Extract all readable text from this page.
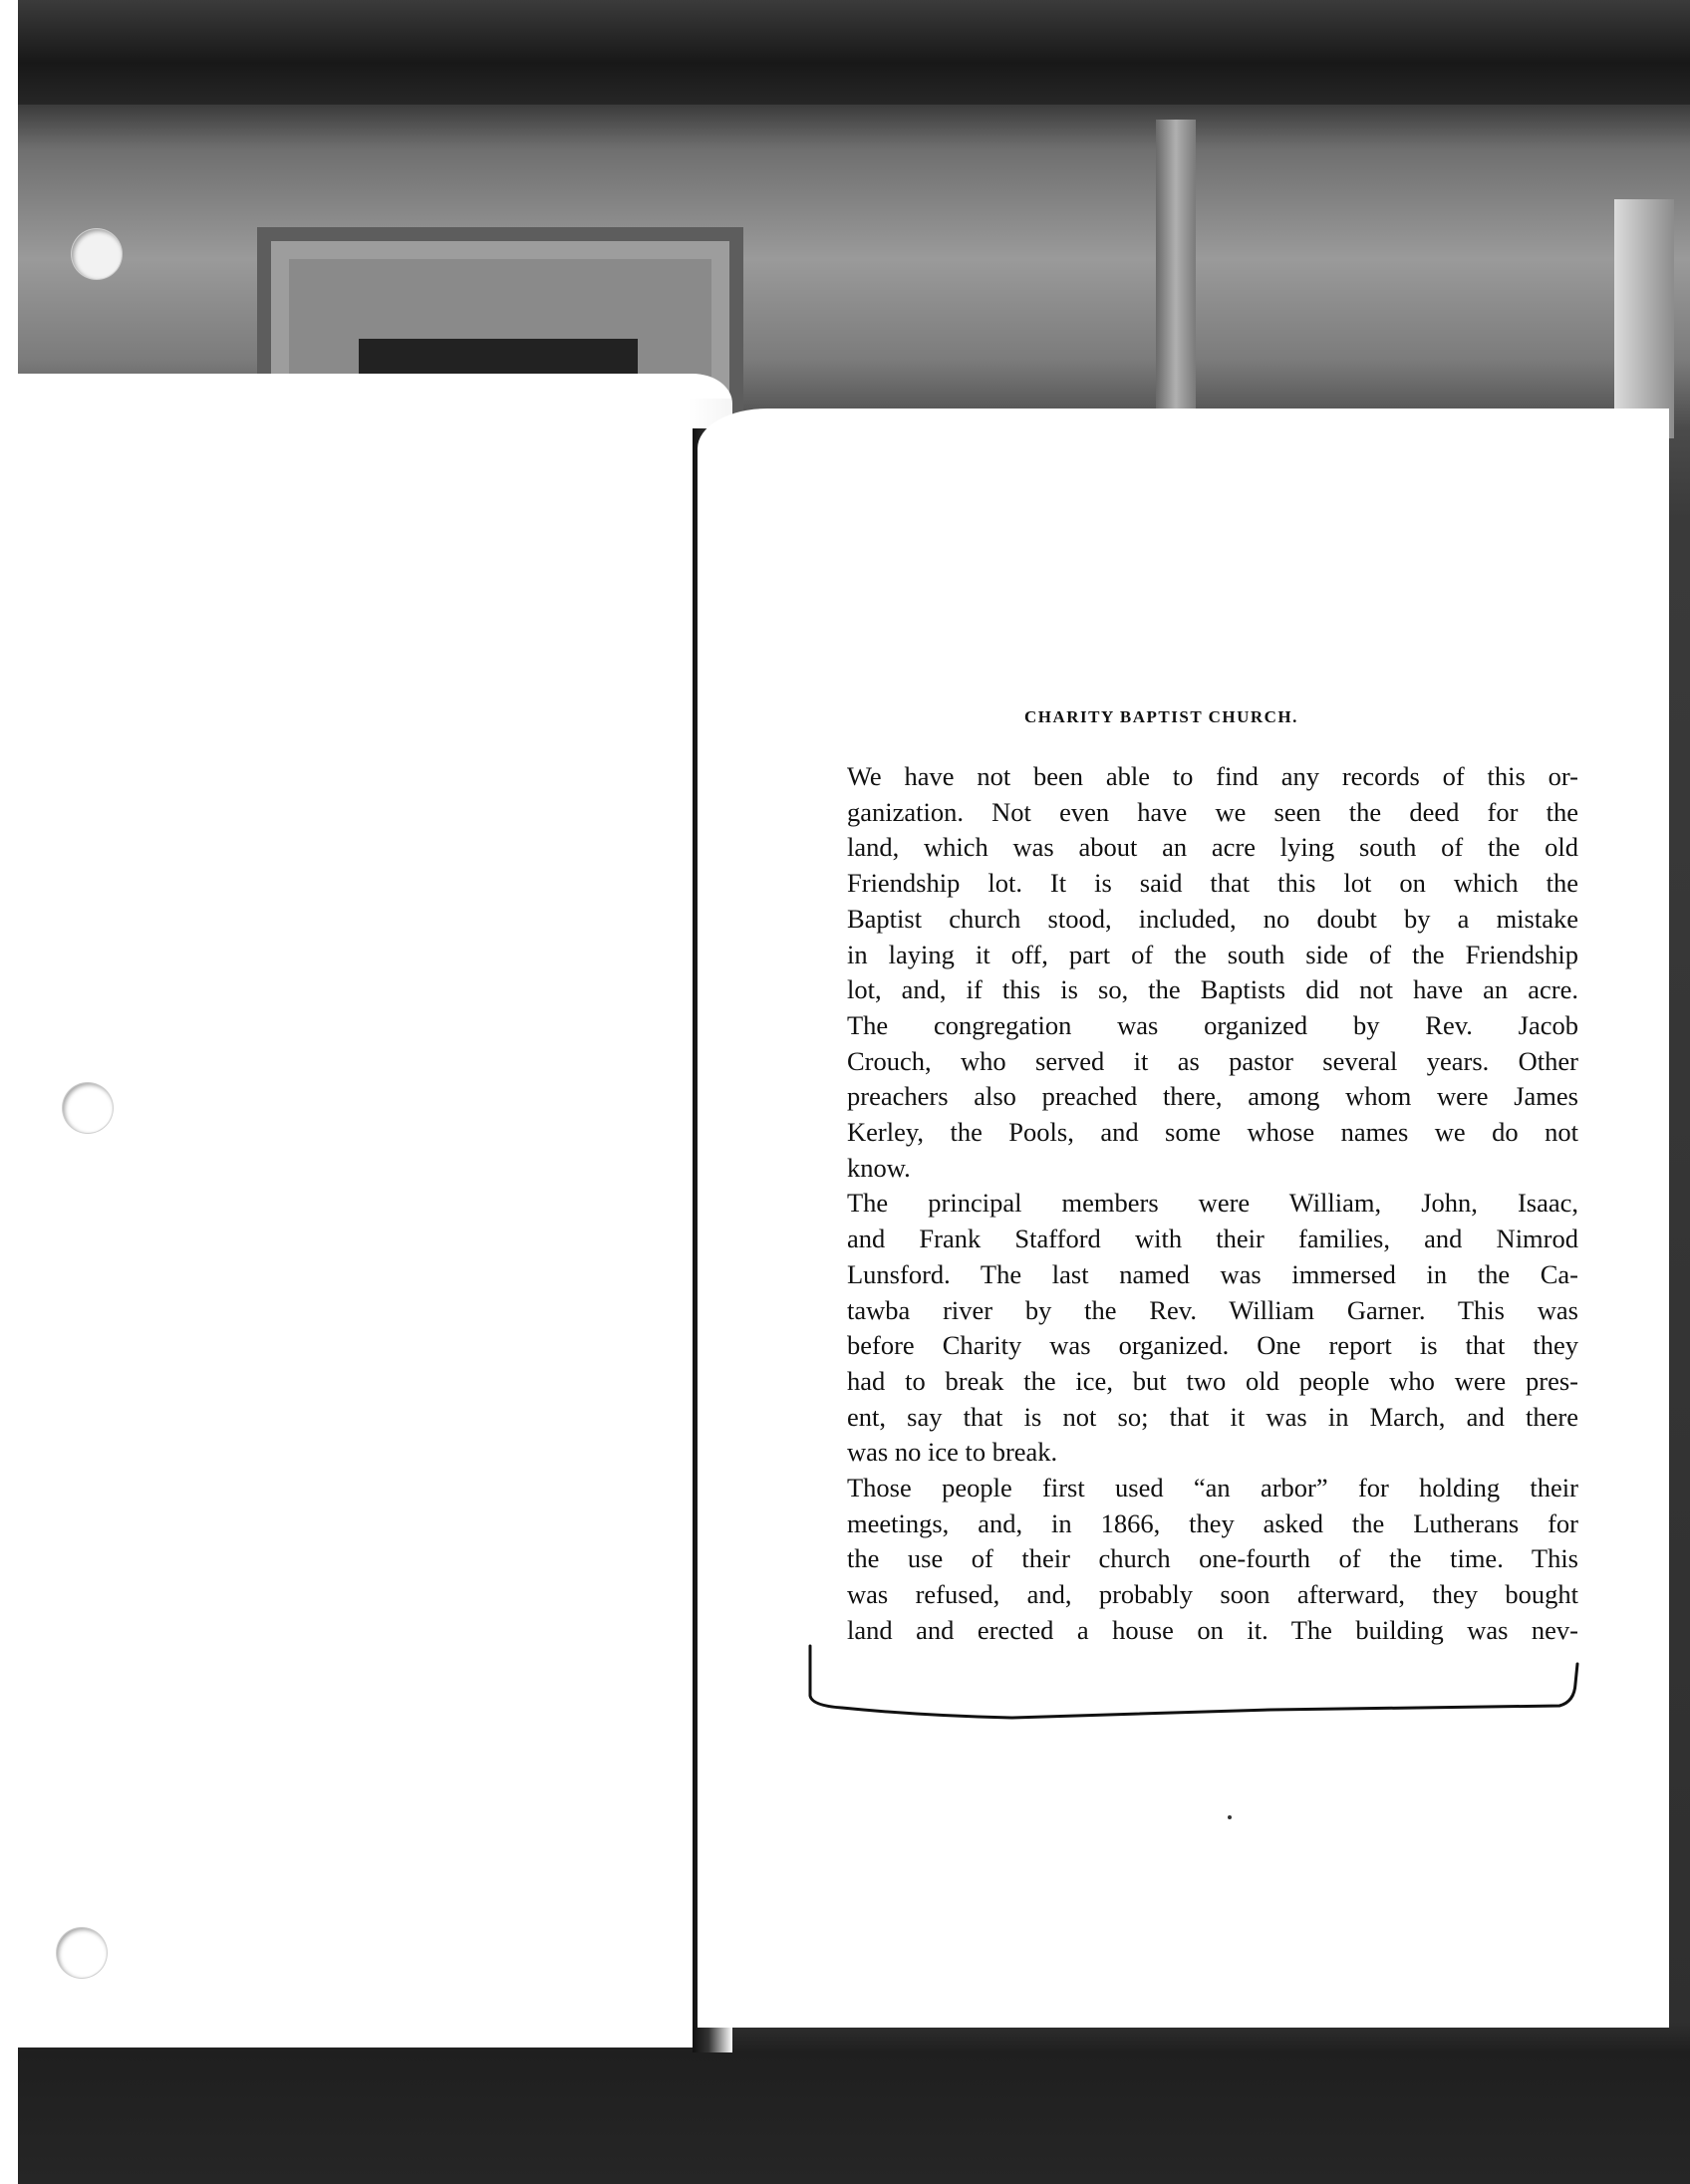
CHARITY BAPTIST CHURCH.

We have not been able to find any records of this or-
ganization. Not even have we seen the deed for the
land, which was about an acre lying south of the old
Friendship lot. It is said that this lot on which the
Baptist church stood, included, no doubt by a mistake
in laying it off, part of the south side of the Friendship
lot, and, if this is so, the Baptists did not have an acre.

The congregation was organized by Rev. Jacob
Crouch, who served it as pastor several years. Other
preachers also preached there, among whom were James
Kerley, the Pools, and some whose names we do not
know.

The principal members were William, John, Isaac,
and Frank Stafford with their families, and Nimrod
Lunsford. The last named was immersed in the Ca-
tawba river by the Rev. William Garner. This was
before Charity was organized. One report is that they
had to break the ice, but two old people who were pres-
ent, say that is not so; that it was in March, and there
was no ice to break.

Those people first used “an arbor” for holding their
meetings, and, in 1866, they asked the Lutherans for
the use of their church one-fourth of the time. This
was refused, and, probably soon afterward, they bought
land and erected a house on it. The building was nev-
